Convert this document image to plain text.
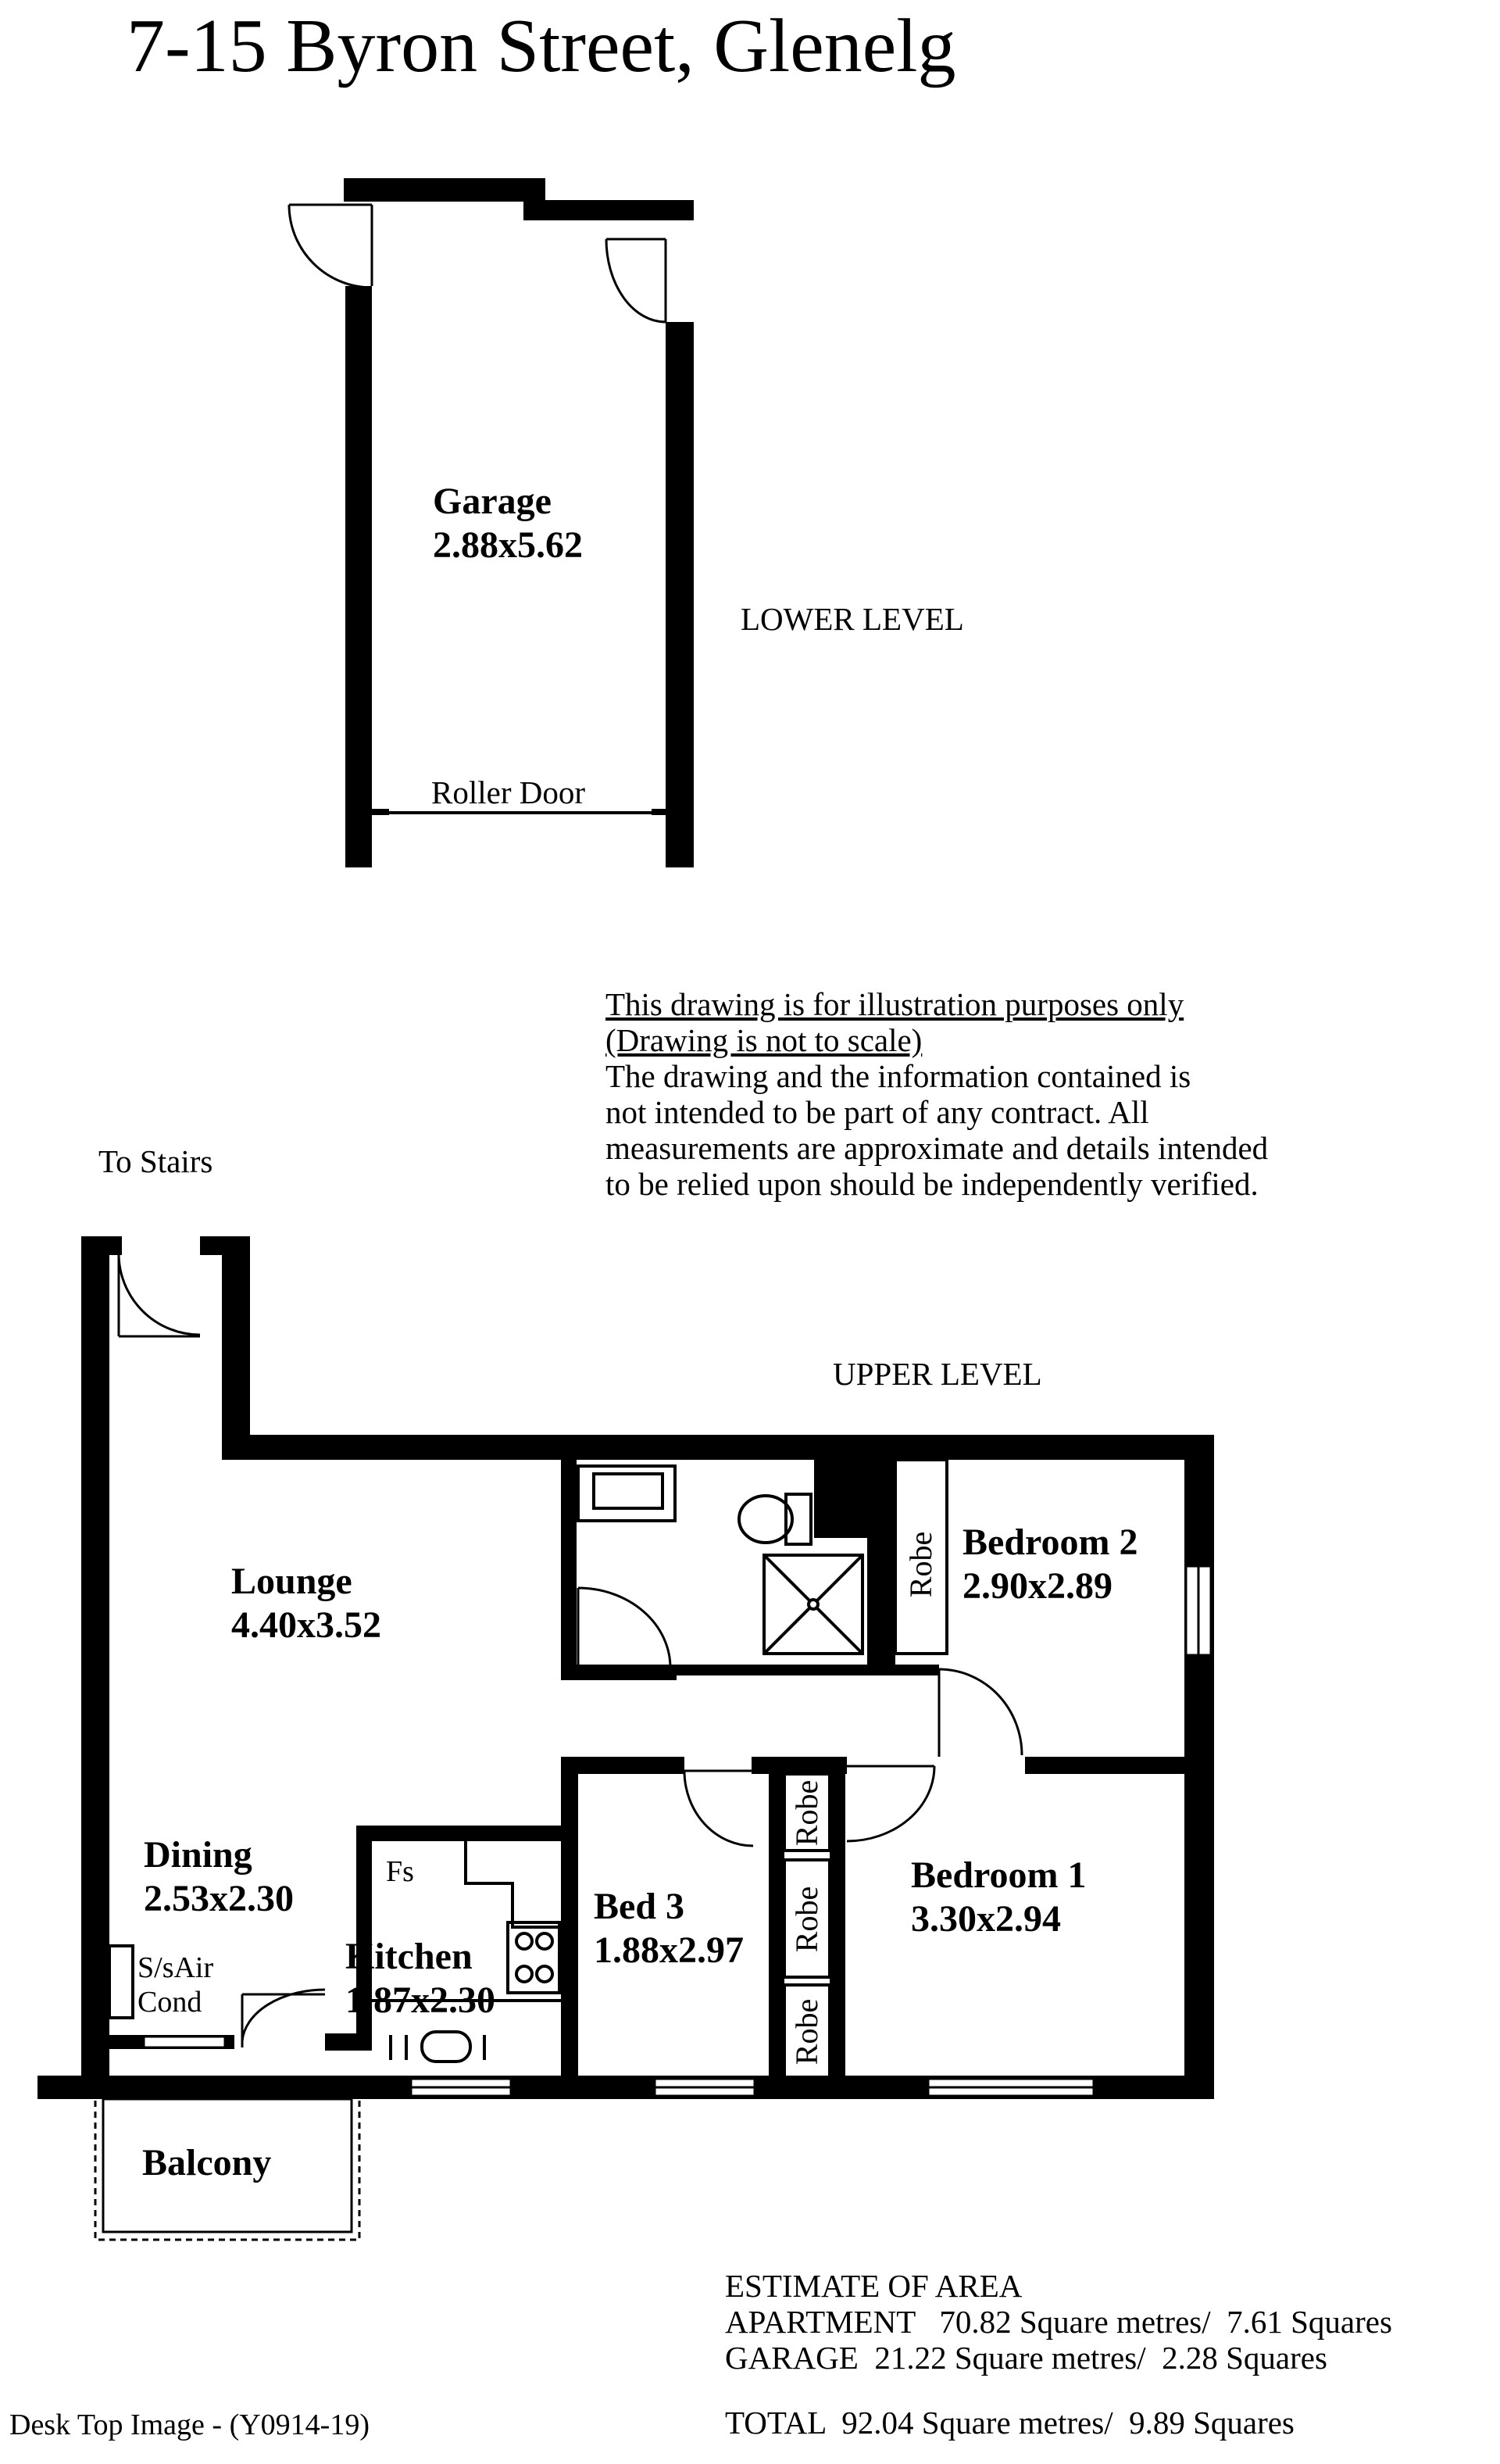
7-15 Byron Street, Glenelg
Garage
2.88x5.62
LOWER LEVEL
Roller Door
This drawing is for illustration purposes only
(Drawing is not to scale)
The drawing and the information contained is
not intended to be part of any contract. All
measurements are approximate and details intended
to be relied upon should be independently verified.
To Stairs
UPPER LEVEL
Lounge
4.40x3.52
Bedroom 2
2.90x2.89
Bedroom 1
3.30x2.94
Bed 3
1.88x2.97
Dining
2.53x2.30
Kitchen
1.87x2.30
Balcony
Fs
S/sAir
Cond
Robe
Robe
Robe
Robe
ESTIMATE OF AREA
APARTMENT   70.82 Square metres/  7.61 Squares
GARAGE  21.22 Square metres/  2.28 Squares
TOTAL  92.04 Square metres/  9.89 Squares
Desk Top Image - (Y0914-19)
